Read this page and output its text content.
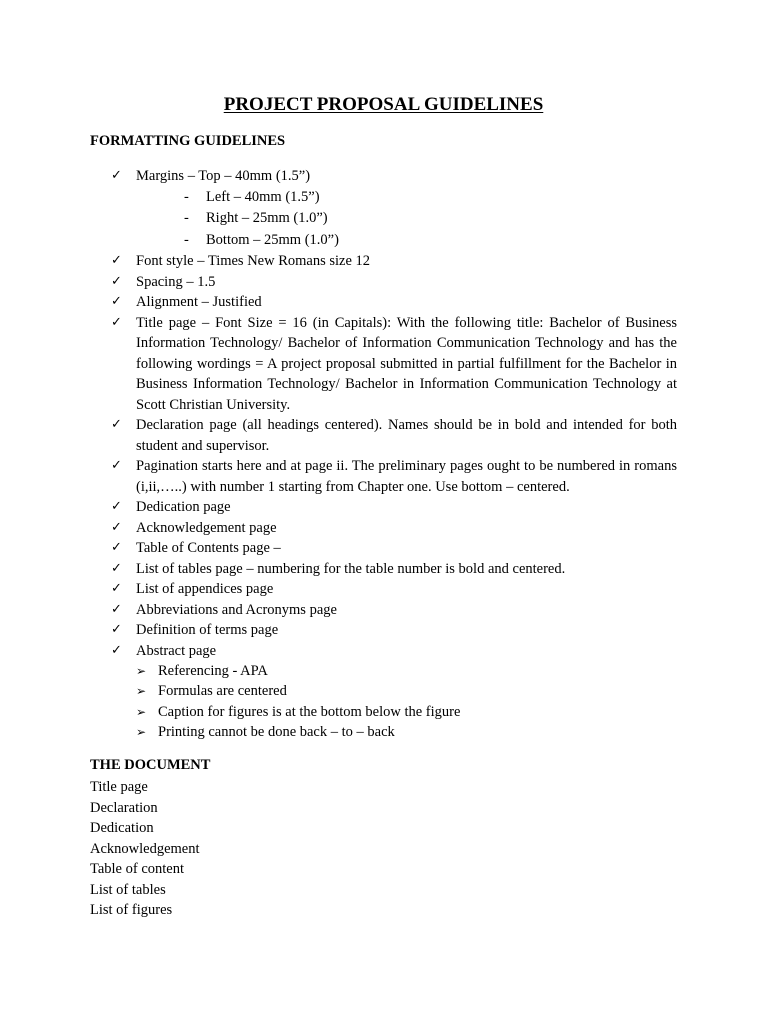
PROJECT PROPOSAL GUIDELINES
FORMATTING GUIDELINES
✓ Margins – Top – 40mm (1.5”)
-	Left – 40mm (1.5”)
-	Right – 25mm (1.0”)
-	Bottom – 25mm (1.0”)
✓ Font style – Times New Romans size 12
✓ Spacing – 1.5
✓ Alignment – Justified
✓ Title page – Font Size = 16 (in Capitals): With the following title: Bachelor of Business Information Technology/ Bachelor of Information Communication Technology and has the following wordings = A project proposal submitted in partial fulfillment for the Bachelor in Business Information Technology/ Bachelor in Information Communication Technology at Scott Christian University.
✓ Declaration page (all headings centered). Names should be in bold and intended for both student and supervisor.
✓ Pagination starts here and at page ii. The preliminary pages ought to be numbered in romans (i,ii,…..) with number 1 starting from Chapter one. Use bottom – centered.
✓ Dedication page
✓ Acknowledgement page
✓ Table of Contents page –
✓ List of tables page – numbering for the table number is bold and centered.
✓ List of appendices page
✓ Abbreviations and Acronyms page
✓ Definition of terms page
✓ Abstract page
➢ Referencing - APA
➢ Formulas are centered
➢ Caption for figures is at the bottom below the figure
➢ Printing cannot be done back – to – back
THE DOCUMENT
Title page
Declaration
Dedication
Acknowledgement
Table of content
List of tables
List of figures
